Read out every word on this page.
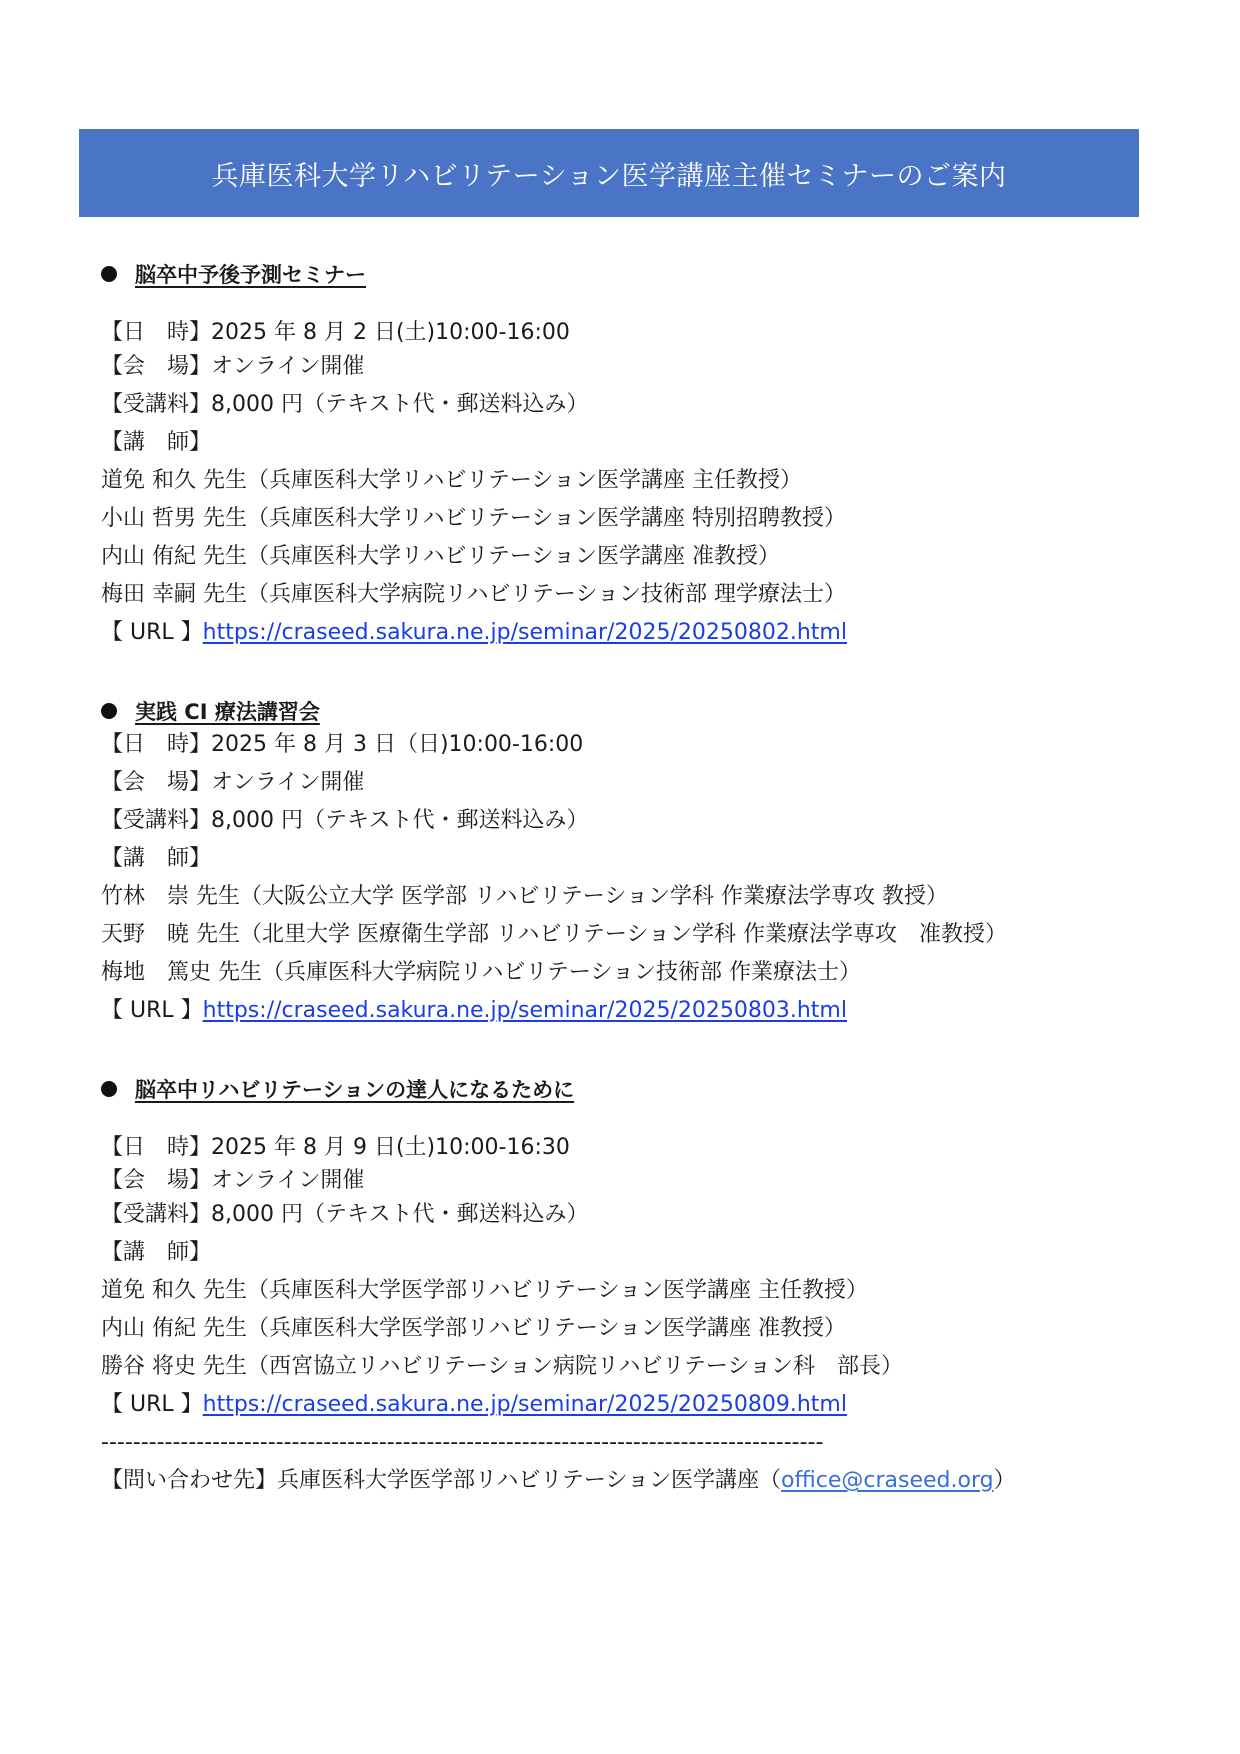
兵庫医科大学リハビリテーション医学講座主催セミナーのご案内
脳卒中予後予測セミナー
【日　時】2025 年 8 月 2 日(土)10:00-16:00
【会　場】オンライン開催
【受講料】8,000 円（テキスト代・郵送料込み）
【講　師】
道免 和久 先生（兵庫医科大学リハビリテーション医学講座 主任教授）
小山 哲男 先生（兵庫医科大学リハビリテーション医学講座 特別招聘教授）
内山 侑紀 先生（兵庫医科大学リハビリテーション医学講座 准教授）
梅田 幸嗣 先生（兵庫医科大学病院リハビリテーション技術部 理学療法士）
【 URL 】https://craseed.sakura.ne.jp/seminar/2025/20250802.html
実践 CI 療法講習会
【日　時】2025 年 8 月 3 日（日)10:00-16:00
【会　場】オンライン開催
【受講料】8,000 円（テキスト代・郵送料込み）
【講　師】
竹林　崇 先生（大阪公立大学 医学部 リハビリテーション学科 作業療法学専攻 教授）
天野　暁 先生（北里大学 医療衛生学部 リハビリテーション学科 作業療法学専攻　准教授）
梅地　篤史 先生（兵庫医科大学病院リハビリテーション技術部 作業療法士）
【 URL 】https://craseed.sakura.ne.jp/seminar/2025/20250803.html
脳卒中リハビリテーションの達人になるために
【日　時】2025 年 8 月 9 日(土)10:00-16:30
【会　場】オンライン開催
【受講料】8,000 円（テキスト代・郵送料込み）
【講　師】
道免 和久 先生（兵庫医科大学医学部リハビリテーション医学講座 主任教授）
内山 侑紀 先生（兵庫医科大学医学部リハビリテーション医学講座 准教授）
勝谷 将史 先生（西宮協立リハビリテーション病院リハビリテーション科　部長）
【 URL 】https://craseed.sakura.ne.jp/seminar/2025/20250809.html
-------------------------------------------------------------------------------------------
【問い合わせ先】兵庫医科大学医学部リハビリテーション医学講座（office@craseed.org）
